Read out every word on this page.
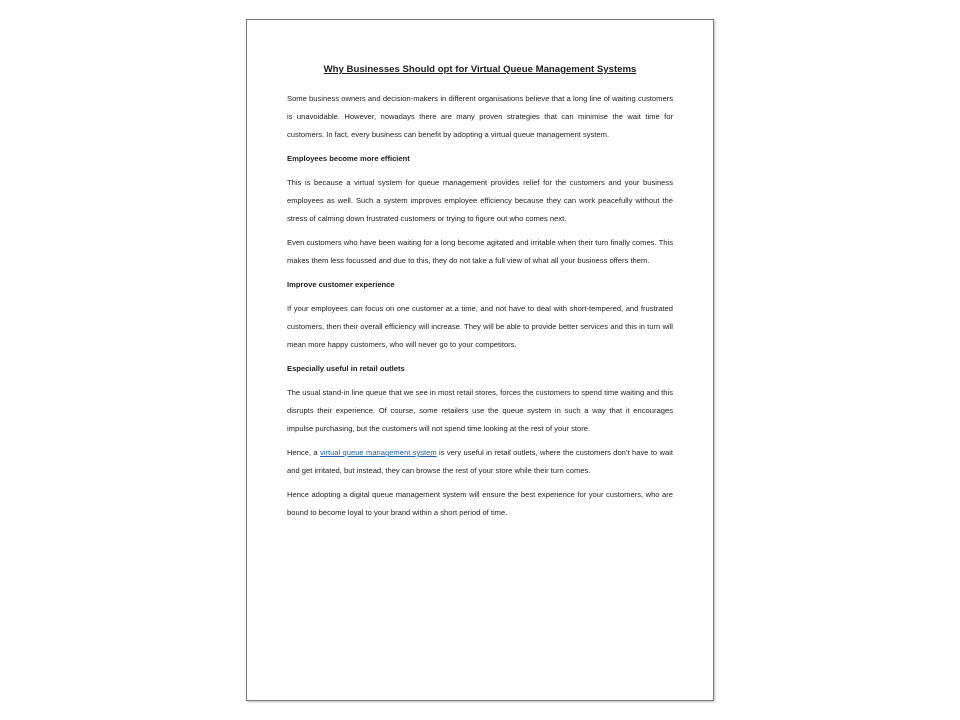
Why Businesses Should opt for Virtual Queue Management Systems

Some business owners and decision-makers in different organisations believe that a long line of waiting customers is unavoidable. However, nowadays there are many proven strategies that can minimise the wait time for customers. In fact, every business can benefit by adopting a virtual queue management system.

Employees become more efficient

This is because a virtual system for queue management provides relief for the customers and your business employees as well. Such a system improves employee efficiency because they can work peacefully without the stress of calming down frustrated customers or trying to figure out who comes next.

Even customers who have been waiting for a long become agitated and irritable when their turn finally comes. This makes them less focussed and due to this, they do not take a full view of what all your business offers them.

Improve customer experience

If your employees can focus on one customer at a time, and not have to deal with short-tempered, and frustrated customers, then their overall efficiency will increase. They will be able to provide better services and this in turn will mean more happy customers, who will never go to your competitors.

Especially useful in retail outlets

The usual stand-in line queue that we see in most retail stores, forces the customers to spend time waiting and this disrupts their experience. Of course, some retailers use the queue system in such a way that it encourages impulse purchasing, but the customers will not spend time looking at the rest of your store.

Hence, a virtual queue management system is very useful in retail outlets, where the customers don’t have to wait and get irritated, but instead, they can browse the rest of your store while their turn comes.

Hence adopting a digital queue management system will ensure the best experience for your customers, who are bound to become loyal to your brand within a short period of time.
